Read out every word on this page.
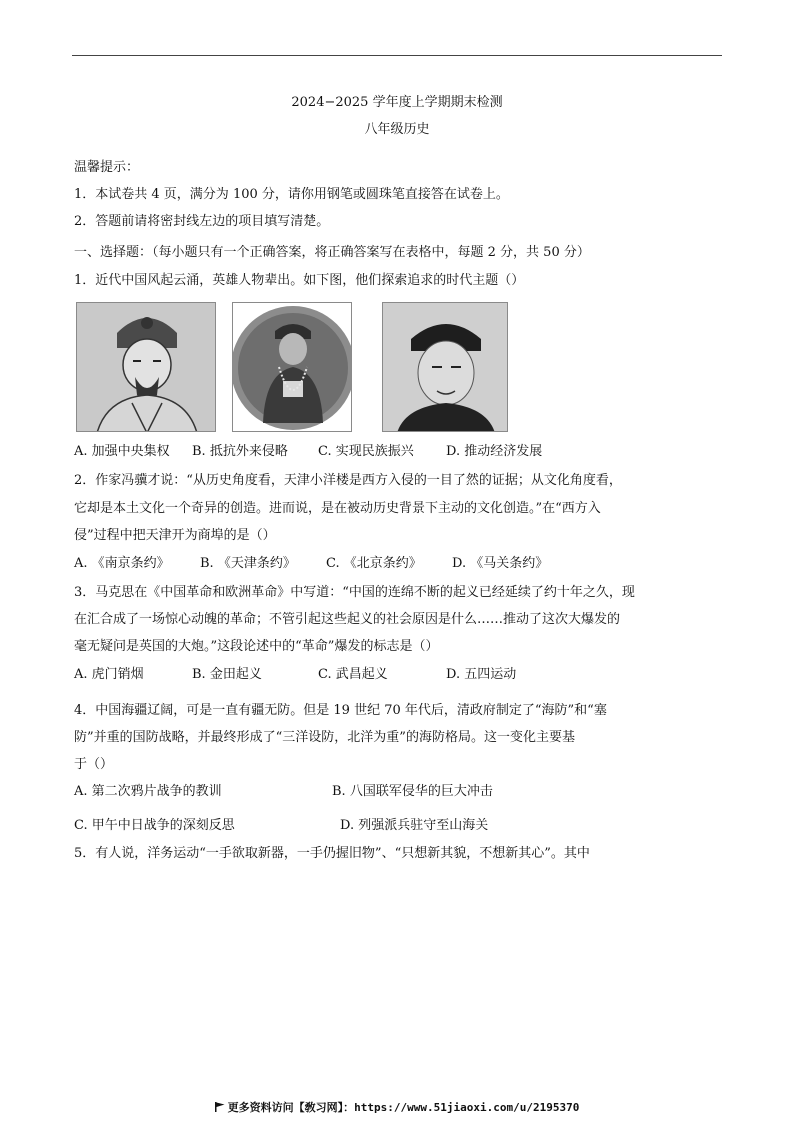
2024−2025 学年度上学期期末检测
八年级历史
温馨提示：
1．本试卷共 4 页，满分为 100 分，请你用钢笔或圆珠笔直接答在试卷上。
2．答题前请将密封线左边的项目填写清楚。
一、选择题：（每小题只有一个正确答案，将正确答案写在表格中，每题 2 分，共 50 分）
1．近代中国风起云涌，英雄人物辈出。如下图，他们探索追求的时代主题（）
A. 加强中央集权 B. 抵抗外来侵略 C. 实现民族振兴 D. 推动经济发展
2．作家冯骥才说：“从历史角度看，天津小洋楼是西方入侵的一目了然的证据；从文化角度看，
它却是本土文化一个奇异的创造。进而说，是在被动历史背景下主动的文化创造。”在“西方入
侵”过程中把天津开为商埠的是（）
A. 《南京条约》 B. 《天津条约》 C. 《北京条约》 D. 《马关条约》
3．马克思在《中国革命和欧洲革命》中写道：“中国的连绵不断的起义已经延续了约十年之久，现
在汇合成了一场惊心动魄的革命；不管引起这些起义的社会原因是什么……推动了这次大爆发的
毫无疑问是英国的大炮。”这段论述中的“革命”爆发的标志是（）
A. 虎门销烟	B. 金田起义	C. 武昌起义	D. 五四运动
4．中国海疆辽阔，可是一直有疆无防。但是 19 世纪 70 年代后，清政府制定了“海防”和“塞
防”并重的国防战略，并最终形成了“三洋设防，北洋为重”的海防格局。这一变化主要基
于（）
A. 第二次鸦片战争的教训	B. 八国联军侵华的巨大冲击
C. 甲午中日战争的深刻反思	D. 列强派兵驻守至山海关
5．有人说，洋务运动“一手欲取新器，一手仍握旧物”、“只想新其貌，不想新其心”。其中
更多资料访问【敎习网】：https://www.51jiaoxi.com/u/2195370
